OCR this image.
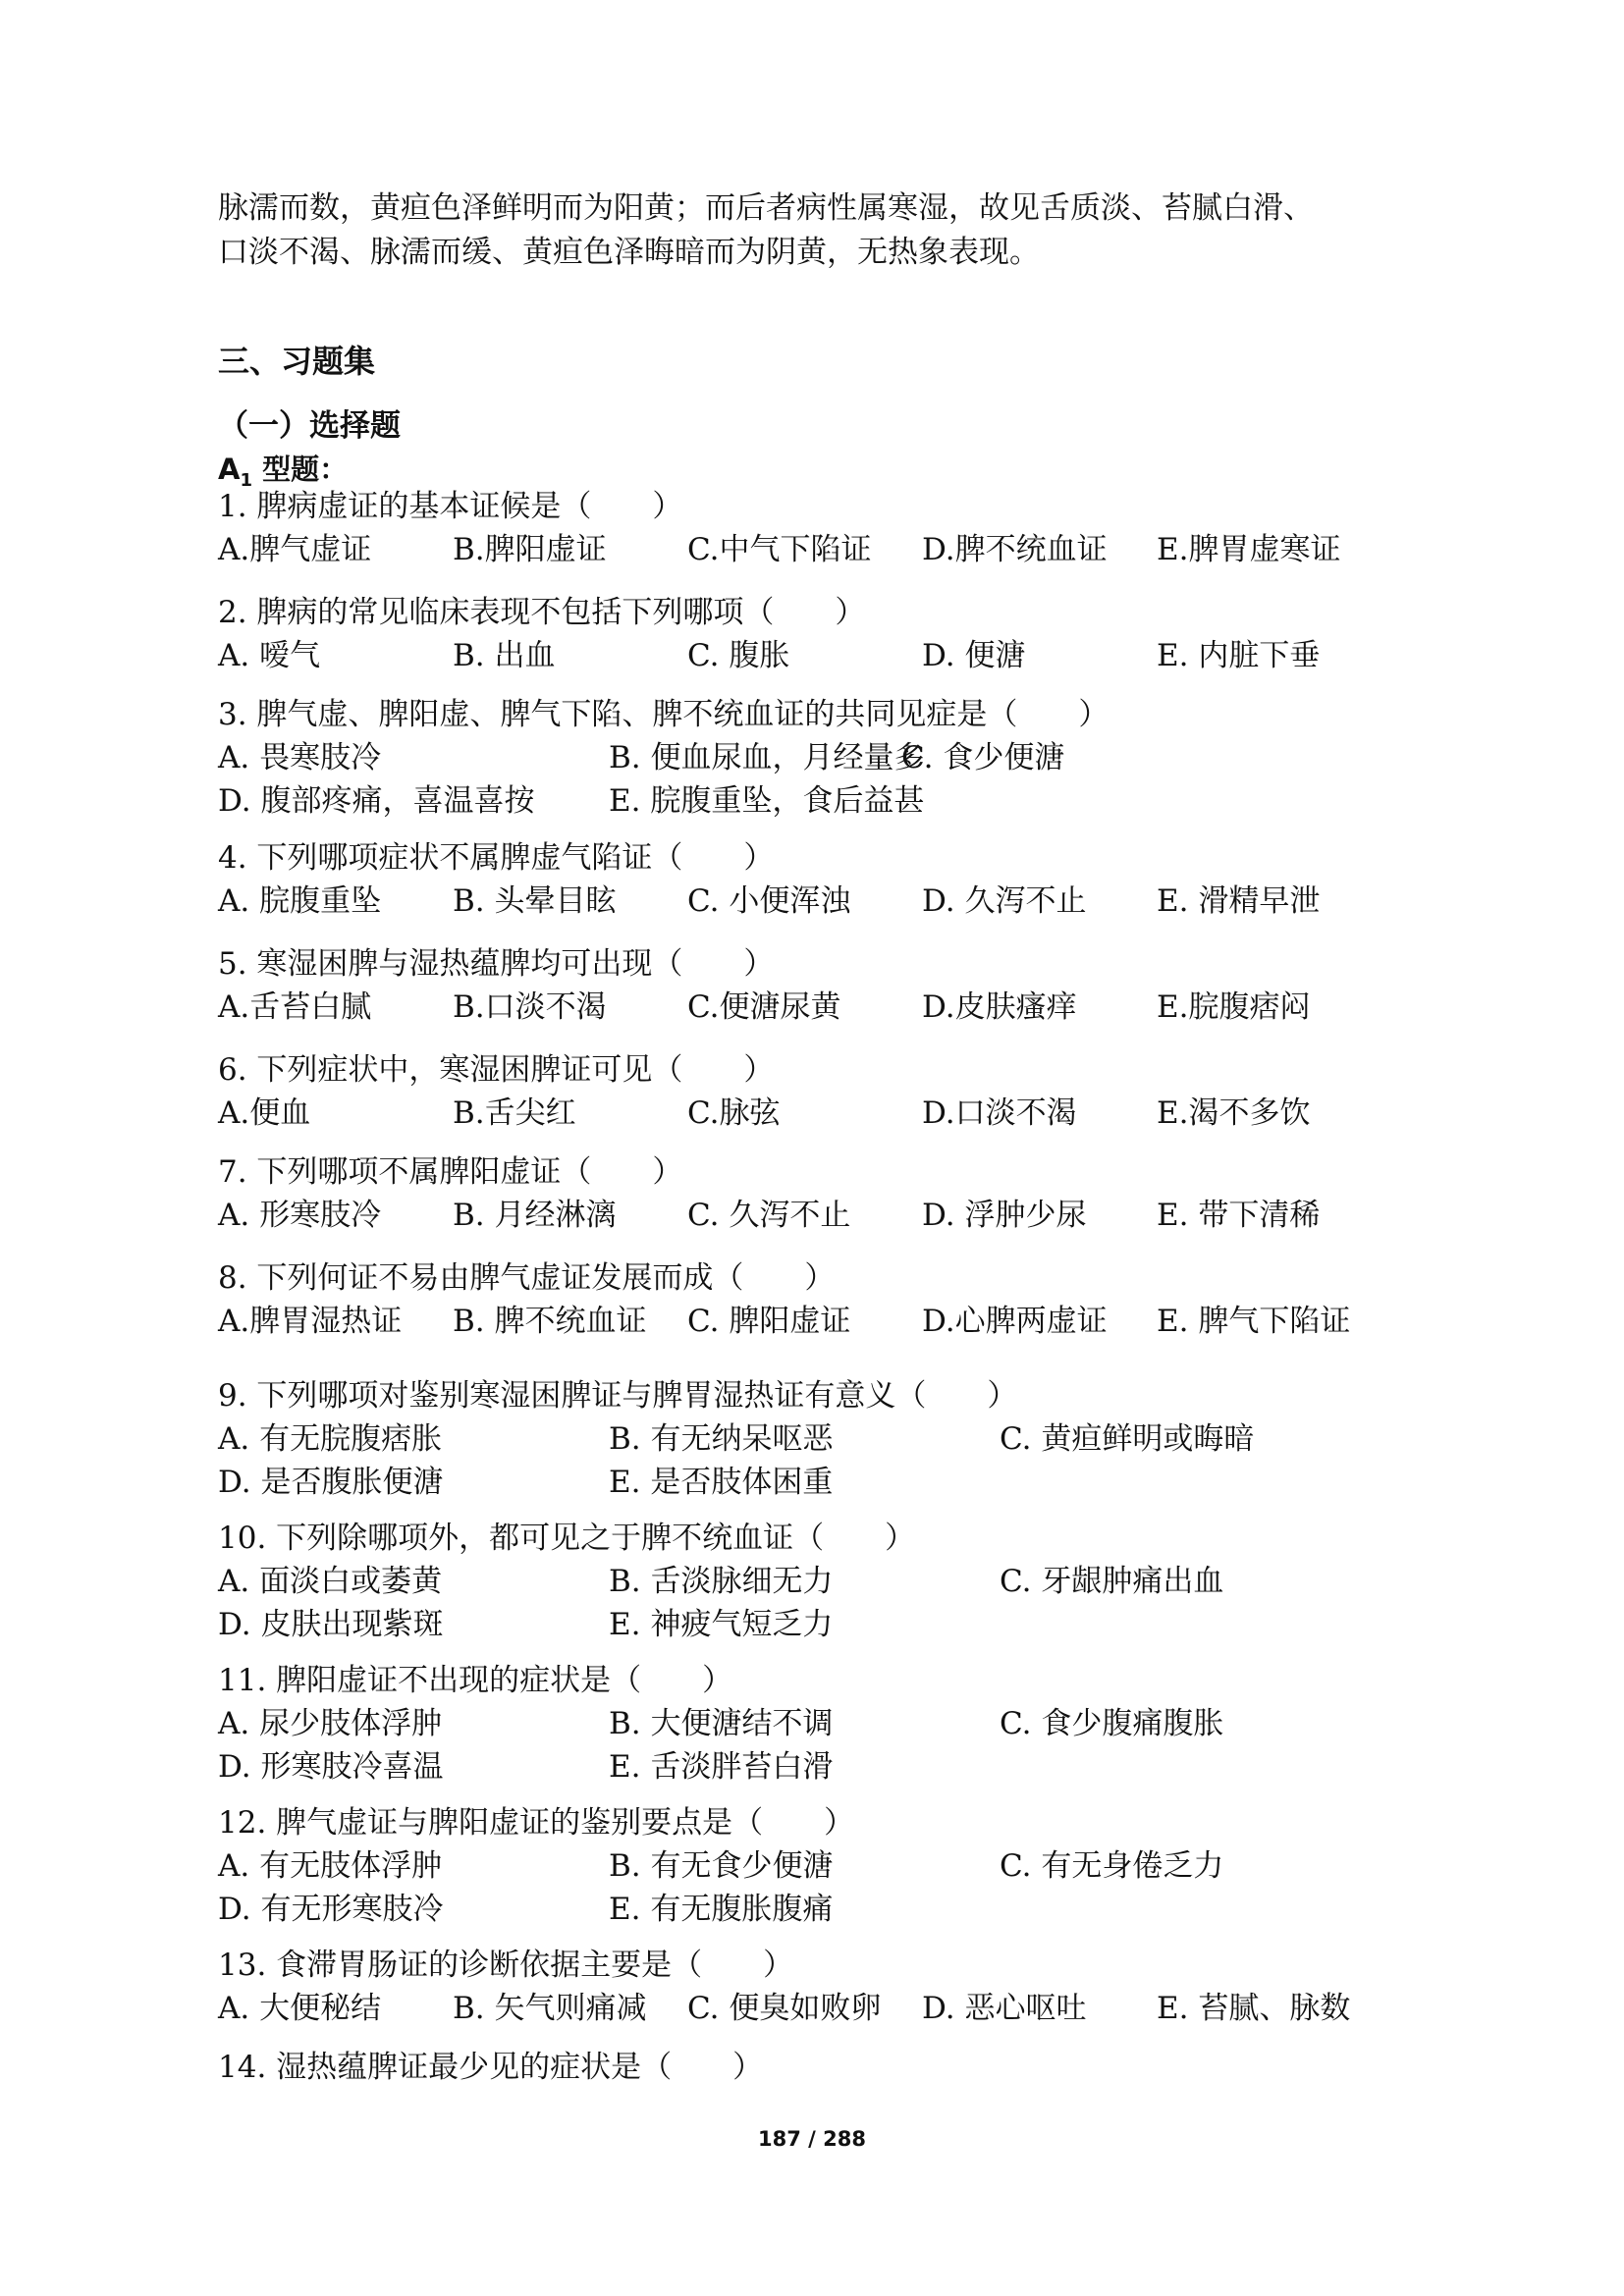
脉濡而数，黄疸色泽鲜明而为阳黄；而后者病性属寒湿，故见舌质淡、苔腻白滑、

口淡不渴、脉濡而缓、黄疸色泽晦暗而为阴黄，无热象表现。

三、习题集
（一）选择题
$A_1$ 型题：
1. 脾病虚证的基本证候是（　　）
A.脾气虚证	B.脾阳虚证	C.中气下陷证	D.脾不统血证	E.脾胃虚寒证
2. 脾病的常见临床表现不包括下列哪项（　　）
A. 嗳气	B. 出血	C. 腹胀	D. 便溏	E. 内脏下垂
3. 脾气虚、脾阳虚、脾气下陷、脾不统血证的共同见症是（　　）
A. 畏寒肢冷	B. 便血尿血，月经量多
C. 食少便溏
D. 腹部疼痛，喜温喜按	E. 脘腹重坠，食后益甚
4. 下列哪项症状不属脾虚气陷证（　　）
A. 脘腹重坠	B. 头晕目眩	C. 小便浑浊	D. 久泻不止	E. 滑精早泄
5. 寒湿困脾与湿热蕴脾均可出现（　　）
A.舌苔白腻	B.口淡不渴	C.便溏尿黄	D.皮肤瘙痒	E.脘腹痞闷
6. 下列症状中，寒湿困脾证可见（　　）
A.便血	B.舌尖红	C.脉弦	D.口淡不渴	E.渴不多饮
7. 下列哪项不属脾阳虚证（　　）
A. 形寒肢冷	B. 月经淋漓	C. 久泻不止	D. 浮肿少尿	E. 带下清稀
8. 下列何证不易由脾气虚证发展而成（　　）
A.脾胃湿热证	B. 脾不统血证	C. 脾阳虚证	D.心脾两虚证	E. 脾气下陷证
9. 下列哪项对鉴别寒湿困脾证与脾胃湿热证有意义（　　）
A. 有无脘腹痞胀	B. 有无纳呆呕恶	C. 黄疸鲜明或晦暗
D. 是否腹胀便溏	E. 是否肢体困重
10. 下列除哪项外，都可见之于脾不统血证（　　）
A. 面淡白或萎黄	B. 舌淡脉细无力	C. 牙龈肿痛出血
D. 皮肤出现紫斑	E. 神疲气短乏力
11. 脾阳虚证不出现的症状是（　　）
A. 尿少肢体浮肿	B. 大便溏结不调	C. 食少腹痛腹胀
D. 形寒肢冷喜温	E. 舌淡胖苔白滑
12. 脾气虚证与脾阳虚证的鉴别要点是（　　）
A. 有无肢体浮肿	B. 有无食少便溏	C. 有无身倦乏力
D. 有无形寒肢冷	E. 有无腹胀腹痛
13. 食滞胃肠证的诊断依据主要是（　　）
A. 大便秘结	B. 矢气则痛减	C. 便臭如败卵	D. 恶心呕吐	E. 苔腻、脉数
14. 湿热蕴脾证最少见的症状是（　　）
187 / 288
